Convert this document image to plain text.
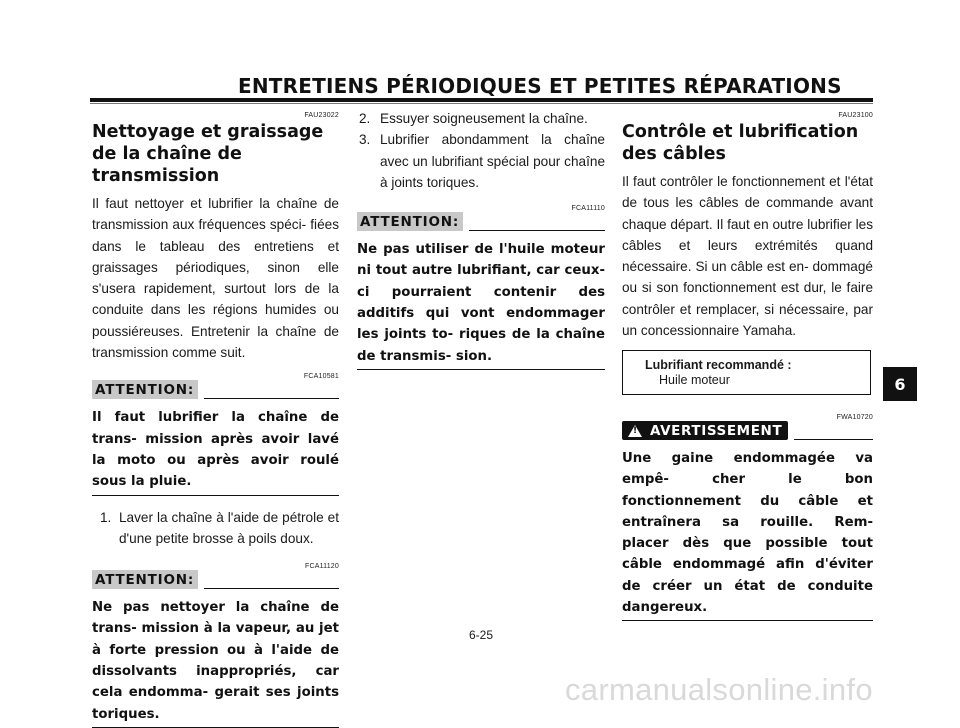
ENTRETIENS PÉRIODIQUES ET PETITES RÉPARATIONS
FAU23022
Nettoyage et graissage
de la chaîne de transmission

Il faut nettoyer et lubrifier la chaîne de transmission aux fréquences spéci- fiées dans le tableau des entretiens et graissages périodiques, sinon elle s'usera rapidement, surtout lors de la conduite dans les régions humides ou poussiéreuses. Entretenir la chaîne de transmission comme suit.

FCA10581
ATTENTION:
Il faut lubrifier la chaîne de trans- mission après avoir lavé la moto ou après avoir roulé sous la pluie.
1. Laver la chaîne à l'aide de pétrole et d'une petite brosse à poils doux.
FCA11120
ATTENTION:
Ne pas nettoyer la chaîne de trans- mission à la vapeur, au jet à forte pression ou à l'aide de dissolvants inappropriés, car cela endomma- gerait ses joints toriques.
2. Essuyer soigneusement la chaîne.
3. Lubrifier abondamment la chaîne avec un lubrifiant spécial pour chaîne à joints toriques.
FCA11110
ATTENTION:
Ne pas utiliser de l'huile moteur ni tout autre lubrifiant, car ceux-ci pourraient contenir des additifs qui vont endommager les joints to- riques de la chaîne de transmis- sion.
FAU23100
Contrôle et lubrification
des câbles

Il faut contrôler le fonctionnement et l'état de tous les câbles de commande avant chaque départ. Il faut en outre lubrifier les câbles et leurs extrémités quand nécessaire. Si un câble est en- dommagé ou si son fonctionnement est dur, le faire contrôler et remplacer, si nécessaire, par un concessionnaire Yamaha.

Lubrifiant recommandé :
Huile moteur
FWA10720
!
AVERTISSEMENT
Une gaine endommagée va empê- cher le bon fonctionnement du câble et entraînera sa rouille. Rem- placer dès que possible tout câble endommagé afin d'éviter de créer un état de conduite dangereux.
6
6-25
carmanualsonline.info
